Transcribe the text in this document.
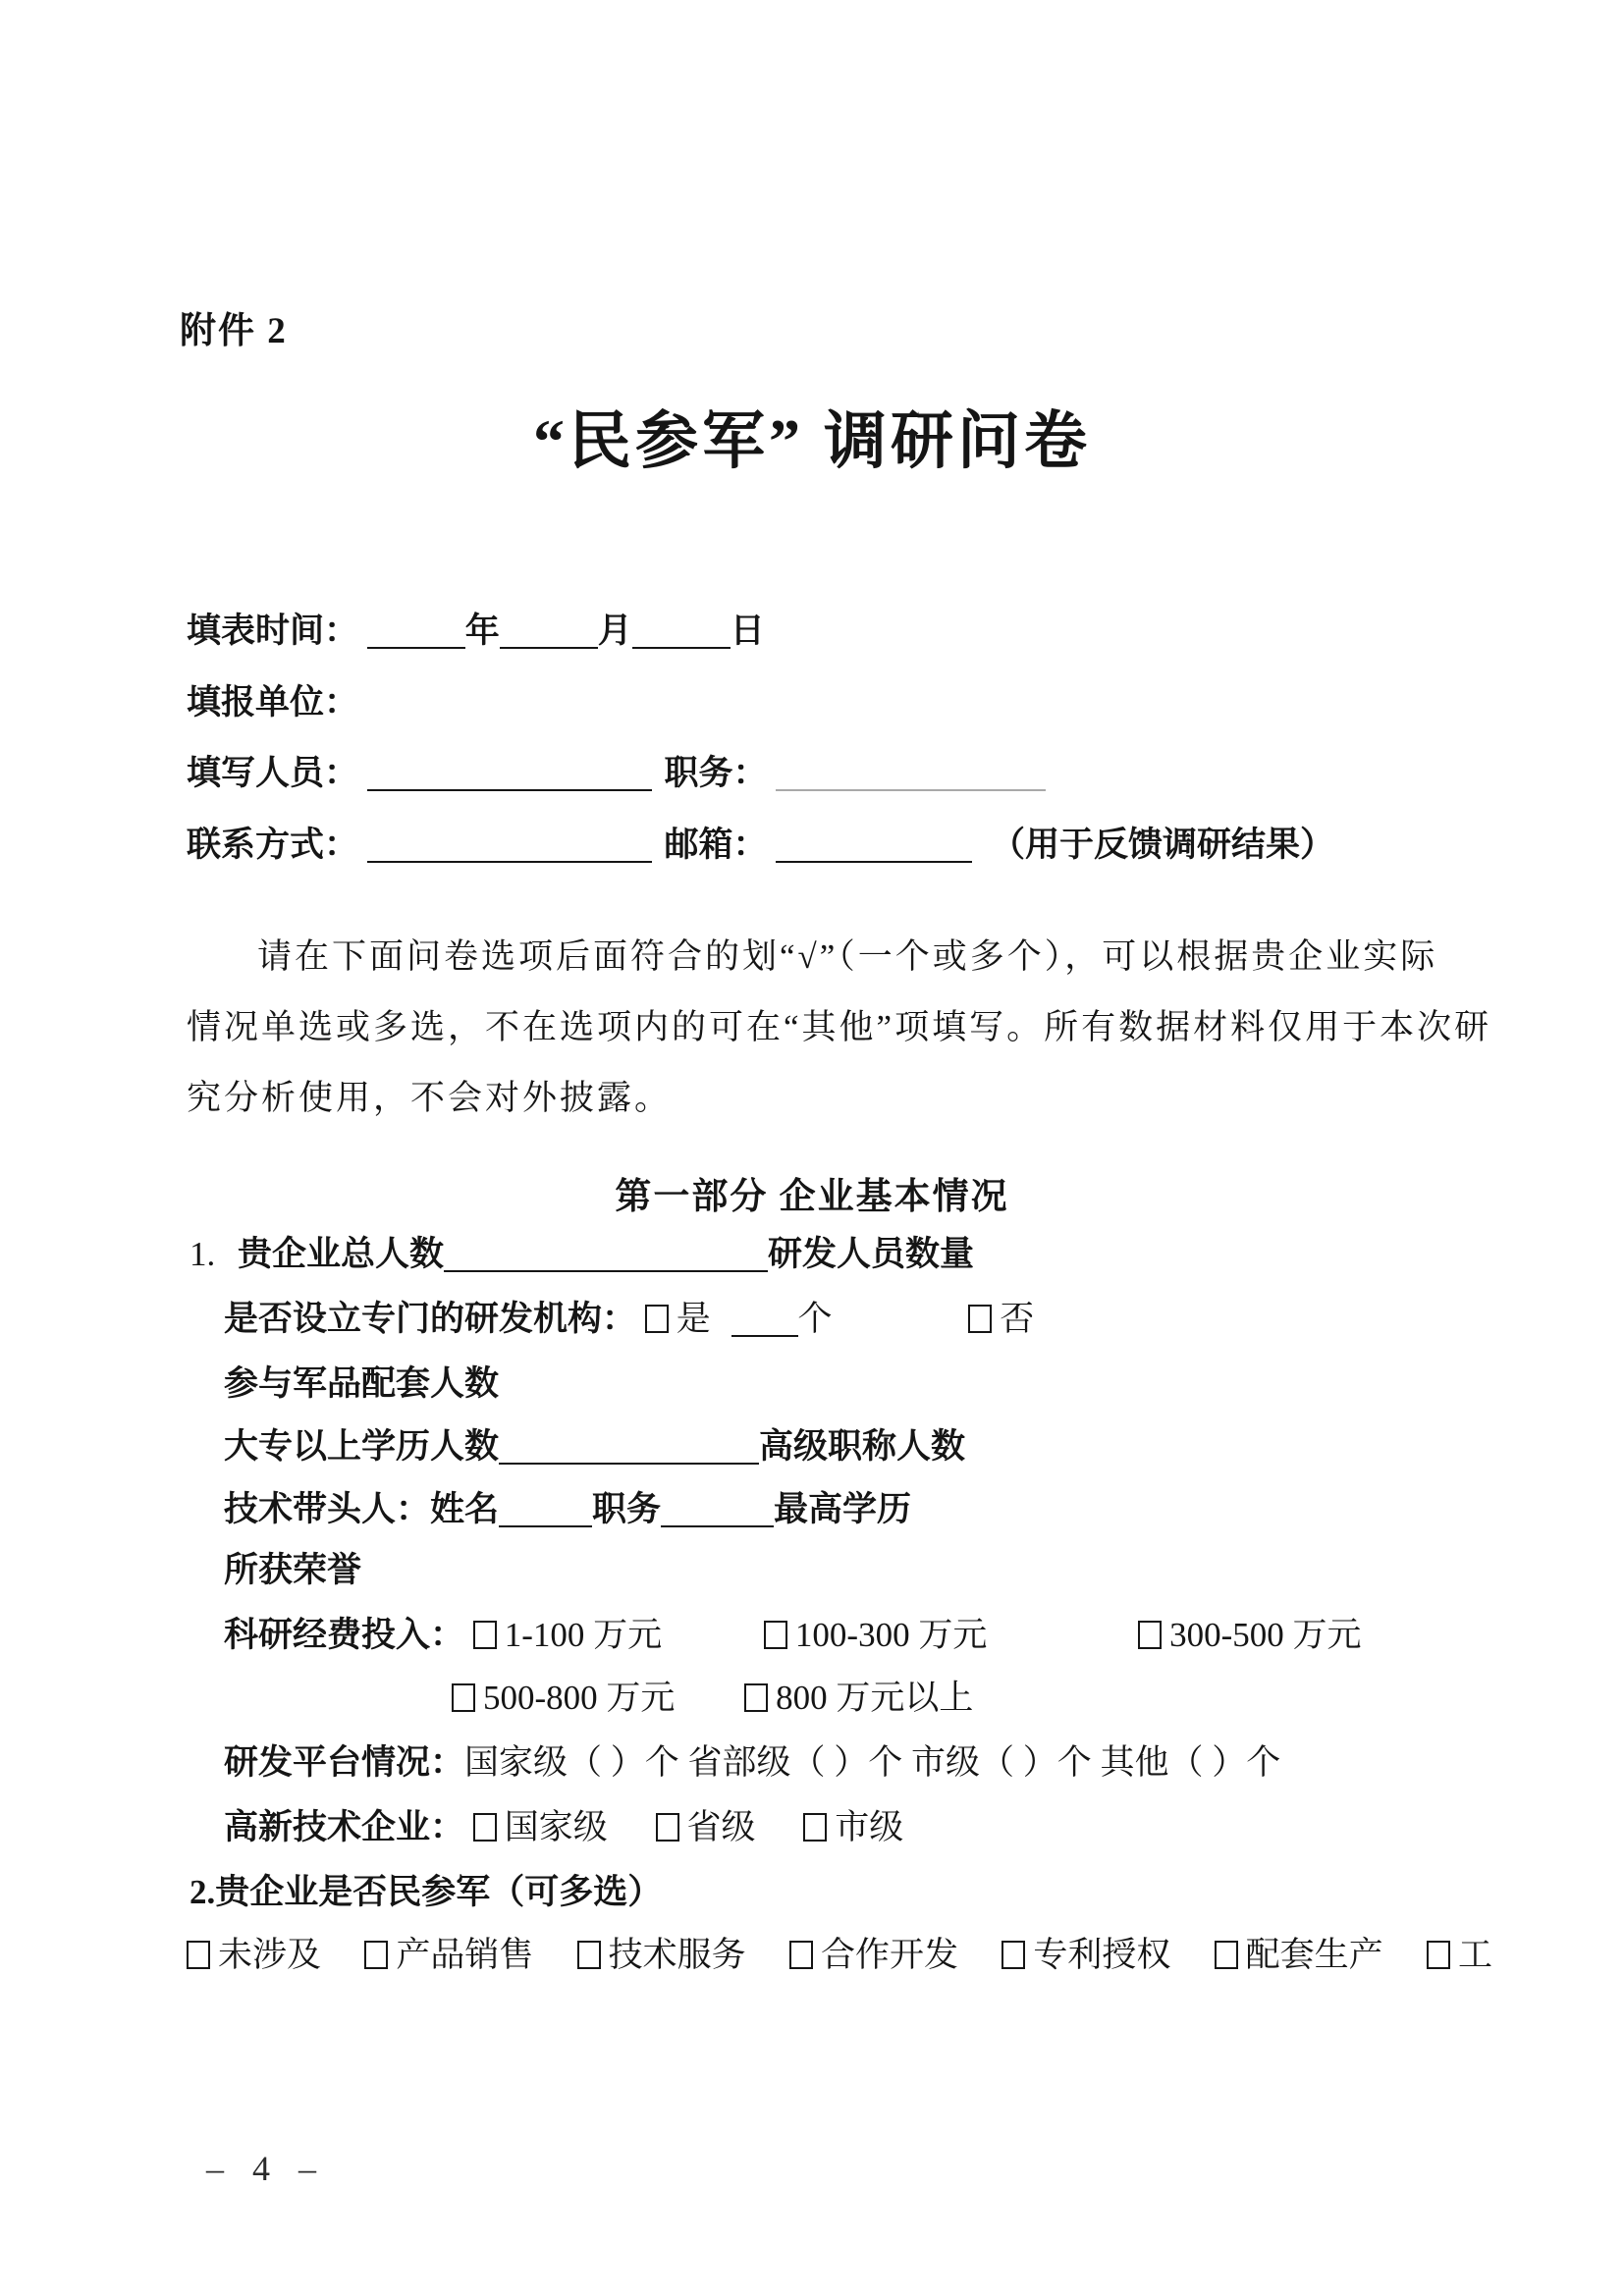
附件 2
“民参军” 调研问卷
填表时间：	年	月	日
填报单位：
填写人员：	职务：
联系方式：	邮箱：	（用于反馈调研结果）
请在下面问卷选项后面符合的划“√”（一个或多个），可以根据贵企业实际
情况单选或多选，不在选项内的可在“其他”项填写。所有数据材料仅用于本次研
究分析使用，不会对外披露。
第一部分 企业基本情况
1. 贵企业总人数	研发人员数量
是否设立专门的研发机构： 是	个	否
参与军品配套人数
大专以上学历人数	高级职称人数
技术带头人：姓名	职务	最高学历
所获荣誉
科研经费投入： 1-100 万元	100-300 万元	300-500 万元
500-800 万元	800 万元以上
研发平台情况：国家级（ ）个 省部级（ ）个 市级（ ）个 其他（ ）个
高新技术企业： 国家级 省级 市级
2.贵企业是否民参军（可多选）
未涉及	产品销售	技术服务	合作开发	专利授权	配套生产	工
– 4 –
